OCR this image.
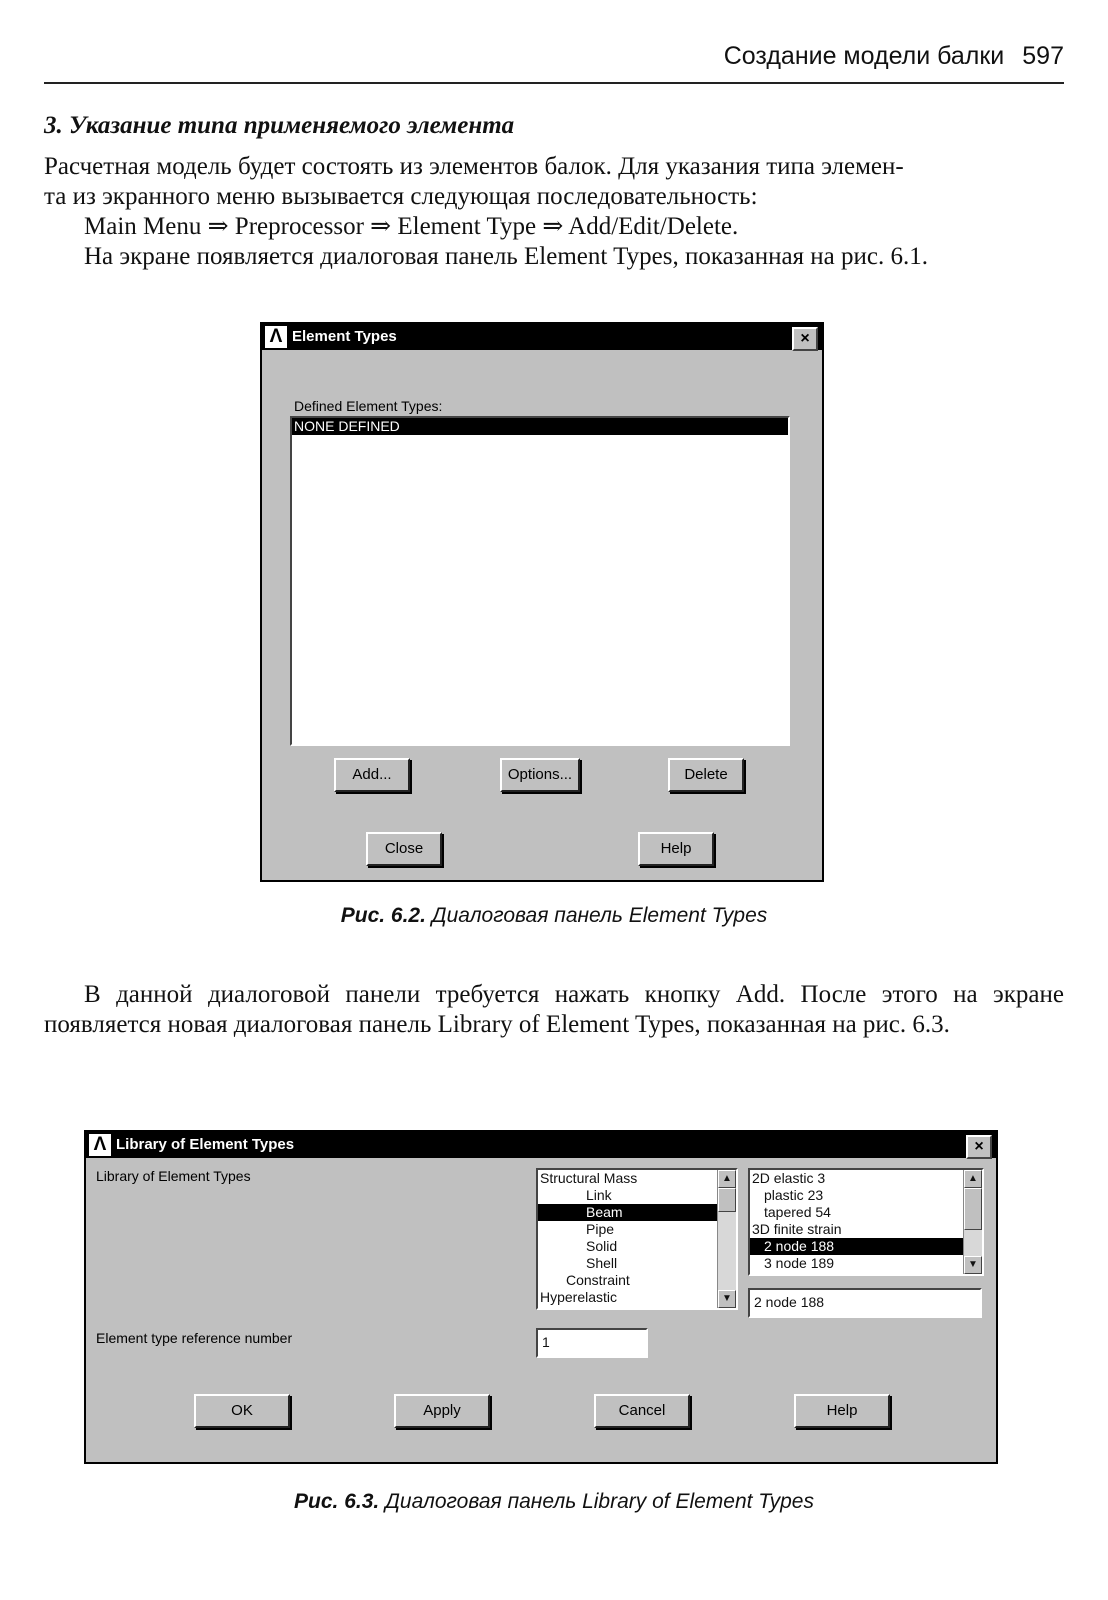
Создание модели балки 597
3. Указание типа применяемого элемента
Расчетная модель будет состоять из элементов балок. Для указания типа элемен-
та из экранного меню вызывается следующая последовательность:
Main Menu ⇒ Preprocessor ⇒ Element Type ⇒ Add/Edit/Delete.
На экране появляется диалоговая панель Element Types, показанная на рис. 6.1.
Λ Element Types	×
Defined Element Types:
NONE DEFINED
Add...	Options...	Delete
Close	Help
Рис. 6.2. Диалоговая панель Element Types
В данной диалоговой панели требуется нажать кнопку Add. После этого на экране появляется новая диалоговая панель Library of Element Types, показанная на рис. 6.3.
Λ Library of Element Types	×
Library of Element Types	Structural Mass
Link
Beam
Pipe
Solid
Shell
Constraint
Hyperelastic
▲
▼
2D elastic 3
plastic 23
tapered 54
3D finite strain
2 node 188
3 node 189
▲
▼
2 node 188
Element type reference number	1
OK	Apply	Cancel	Help
Рис. 6.3. Диалоговая панель Library of Element Types
